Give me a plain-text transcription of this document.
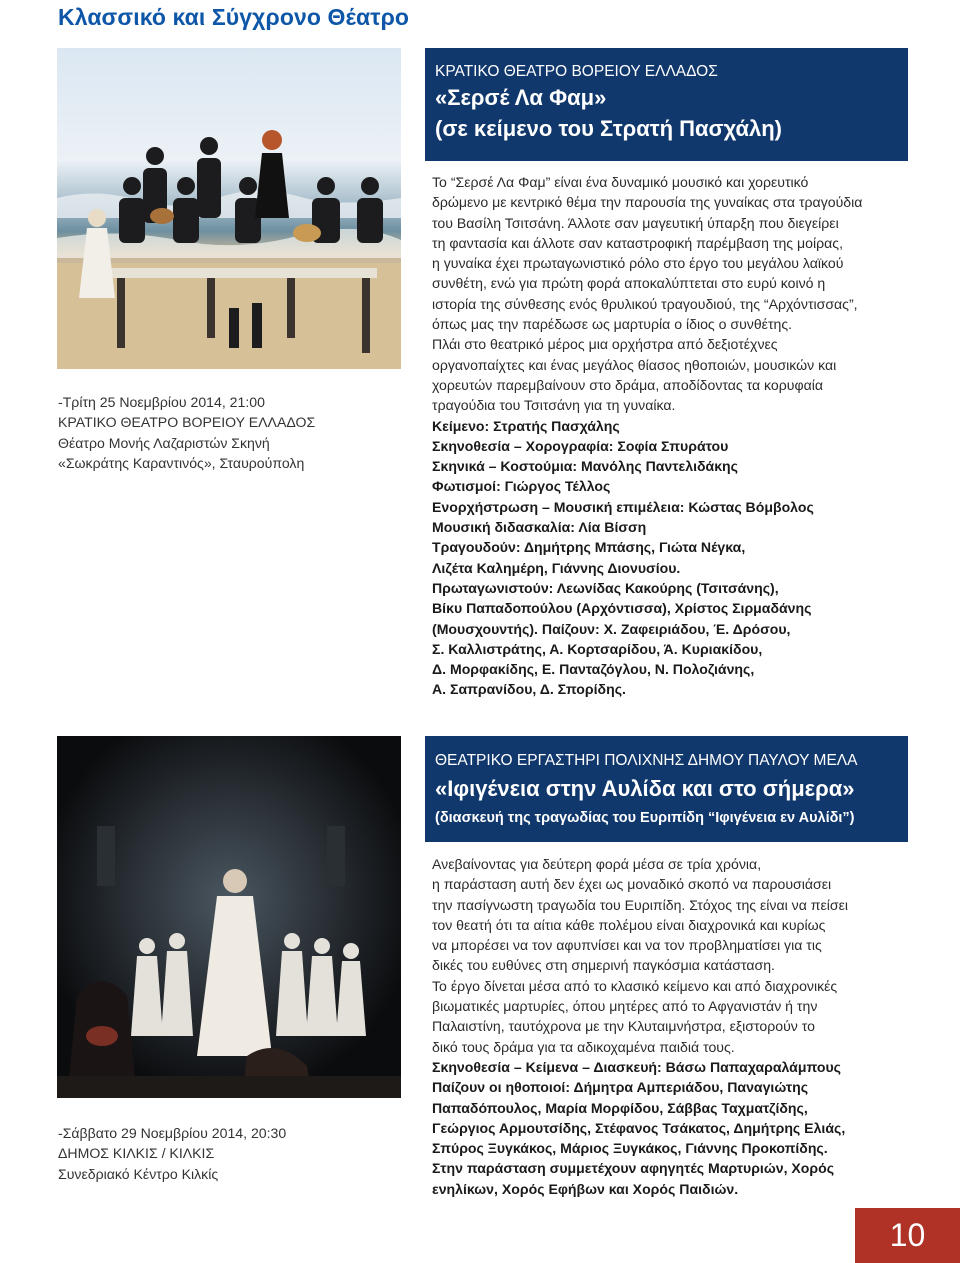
Κλασσικό και Σύγχρονο Θέατρο
ΚΡΑΤΙΚΟ ΘΕΑΤΡΟ ΒΟΡΕΙΟΥ ΕΛΛΑΔΟΣ
«Σερσέ Λα Φαμ»
(σε κείμενο του Στρατή Πασχάλη)

Το “Σερσέ Λα Φαμ” είναι ένα δυναμικό μουσικό και χορευτικό

δρώμενο με κεντρικό θέμα την παρουσία της γυναίκας στα τραγούδια

του Βασίλη Τσιτσάνη. Άλλοτε σαν μαγευτική ύπαρξη που διεγείρει

τη φαντασία και άλλοτε σαν καταστροφική παρέμβαση της μοίρας,

η γυναίκα έχει πρωταγωνιστικό ρόλο στο έργο του μεγάλου λαϊκού

συνθέτη, ενώ για πρώτη φορά αποκαλύπτεται στο ευρύ κοινό η

ιστορία της σύνθεσης ενός θρυλικού τραγουδιού, της “Αρχόντισσας”,

όπως μας την παρέδωσε ως μαρτυρία ο ίδιος ο συνθέτης.

Πλάι στο θεατρικό μέρος μια ορχήστρα από δεξιοτέχνες

οργανοπαίχτες και ένας μεγάλος θίασος ηθοποιών, μουσικών και

χορευτών παρεμβαίνουν στο δράμα, αποδίδοντας τα κορυφαία

τραγούδια του Τσιτσάνη για τη γυναίκα.

Κείμενο: Στρατής Πασχάλης
Σκηνοθεσία – Χορογραφία: Σοφία Σπυράτου
Σκηνικά – Κοστούμια: Μανόλης Παντελιδάκης
Φωτισμοί: Γιώργος Τέλλος
Ενορχήστρωση – Μουσική επιμέλεια: Κώστας Βόμβολος
Μουσική διδασκαλία: Λία Βίσση
Τραγουδούν: Δημήτρης Μπάσης, Γιώτα Νέγκα,
Λιζέτα Καλημέρη, Γιάννης Διονυσίου.
Πρωταγωνιστούν: Λεωνίδας Κακούρης (Τσιτσάνης),
Βίκυ Παπαδοπούλου (Αρχόντισσα), Χρίστος Σιρμαδάνης
(Μουσχουντής). Παίζουν: Χ. Ζαφειριάδου, Έ. Δρόσου,
Σ. Καλλιστράτης, Α. Κορτσαρίδου, Ά. Κυριακίδου,
Δ. Μορφακίδης, Ε. Πανταζόγλου, Ν. Πολοζιάνης,
Α. Σαπρανίδου, Δ. Σπορίδης.
-Τρίτη 25 Νοεμβρίου 2014, 21:00
ΚΡΑΤΙΚΟ ΘΕΑΤΡΟ ΒΟΡΕΙΟΥ ΕΛΛΑΔΟΣ
Θέατρο Μονής Λαζαριστών Σκηνή
«Σωκράτης Καραντινός», Σταυρούπολη
ΘΕΑΤΡΙΚΟ ΕΡΓΑΣΤΗΡΙ ΠΟΛΙΧΝΗΣ ΔΗΜΟΥ ΠΑΥΛΟΥ ΜΕΛΑ
«Ιφιγένεια στην Αυλίδα και στο σήμερα»
(διασκευή της τραγωδίας του Ευριπίδη “Ιφιγένεια εν Αυλίδι”)

Ανεβαίνοντας για δεύτερη φορά μέσα σε τρία χρόνια,

η παράσταση αυτή δεν έχει ως μοναδικό σκοπό να παρουσιάσει

την πασίγνωστη τραγωδία του Ευριπίδη. Στόχος της είναι να πείσει

τον θεατή ότι τα αίτια κάθε πολέμου είναι διαχρονικά και κυρίως

να μπορέσει να τον αφυπνίσει και να τον προβληματίσει για τις

δικές του ευθύνες στη σημερινή παγκόσμια κατάσταση.

Το έργο δίνεται μέσα από το κλασικό κείμενο και από διαχρονικές

βιωματικές μαρτυρίες, όπου μητέρες από το Αφγανιστάν ή την

Παλαιστίνη, ταυτόχρονα με την Κλυταιμνήστρα, εξιστορούν το

δικό τους δράμα για τα αδικοχαμένα παιδιά τους.

Σκηνοθεσία – Κείμενα – Διασκευή: Βάσω Παπαχαραλάμπους
Παίζουν οι ηθοποιοί: Δήμητρα Αμπεριάδου, Παναγιώτης
Παπαδόπουλος, Μαρία Μορφίδου, Σάββας Ταχματζίδης,
Γεώργιος Αρμουτσίδης, Στέφανος Τσάκατος, Δημήτρης Ελιάς,
Σπύρος Ξυγκάκος, Μάριος Ξυγκάκος, Γιάννης Προκοπίδης.
Στην παράσταση συμμετέχουν αφηγητές Μαρτυριών, Χορός
ενηλίκων, Χορός Εφήβων και Χορός Παιδιών.
-Σάββατο 29 Νοεμβρίου 2014, 20:30
ΔΗΜΟΣ ΚΙΛΚΙΣ / ΚΙΛΚΙΣ
Συνεδριακό Κέντρο Κιλκίς
10
